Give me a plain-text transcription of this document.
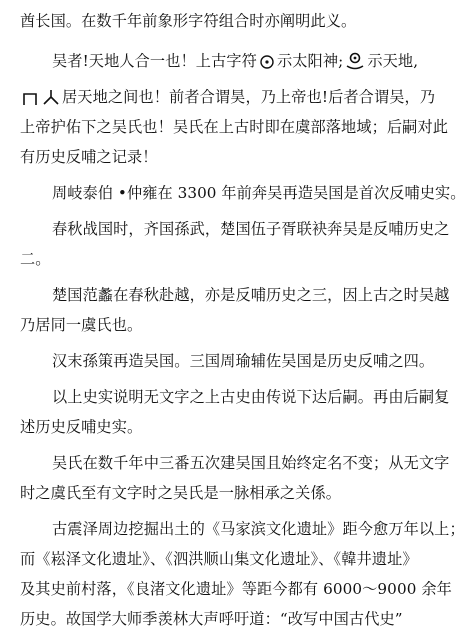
酋长国。在数千年前象形字符组合时亦阐明此义。

吴者!天地人合一也！上古字符 示太阳神; 示天地,

居天地之间也！前者合谓昊，乃上帝也!后者合谓吴，乃

上帝护佑下之吴氏也！吴氏在上古时即在虞部落地域；后嗣对此

有历史反哺之记录！

周岐泰伯 •仲雍在 3300 年前奔吴再造吴国是首次反哺史实。

春秋战国时，齐国孫武，楚国伍子胥联袂奔吴是反哺历史之

二。

楚国范蠡在春秋赴越，亦是反哺历史之三，因上古之时吴越

乃居同一虞氏也。

汉末孫策再造吴国。三国周瑜辅佐吴国是历史反哺之四。

以上史实说明无文字之上古史由传说下达后嗣。再由后嗣复

述历史反哺史实。

吴氏在数千年中三番五次建吴国且始终定名不变；从无文字

时之虞氏至有文字时之吴氏是一脉相承之关係。

古震泽周边挖掘出土的《马家滨文化遗址》距今愈万年以上；

而《崧泽文化遗址》、《泗洪顺山集文化遗址》、《韓井遗址》

及其史前村落，《良渚文化遗址》等距今都有 6000～9000 余年

历史。故国学大师季羡林大声呼吁道：“改写中国古代史”
